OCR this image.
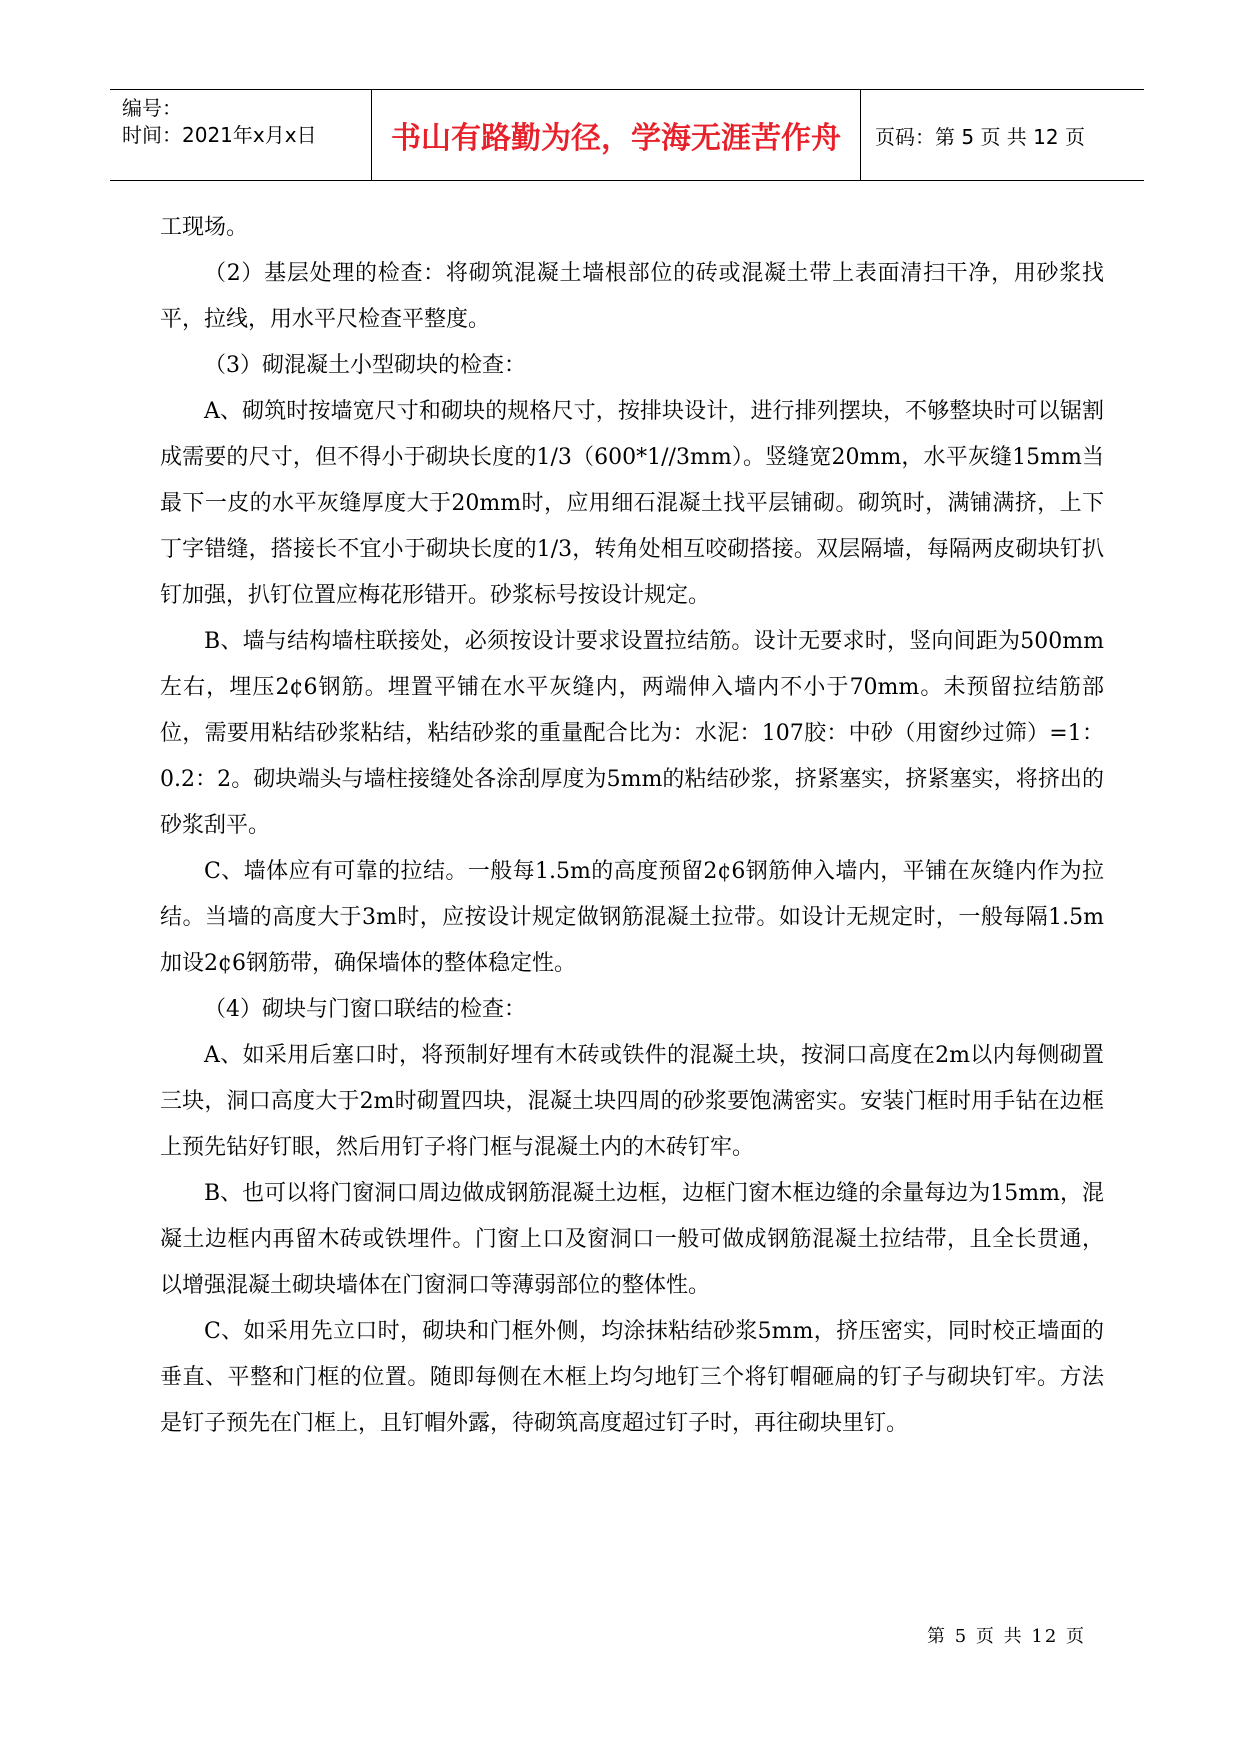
编号：
时间：2021年x月x日	书山有路勤为径，学海无涯苦作舟	页码：第 5 页 共 12 页

工现场。

（2）基层处理的检查：将砌筑混凝土墙根部位的砖或混凝土带上表面清扫干净，用砂浆找平，拉线，用水平尺检查平整度。

（3）砌混凝土小型砌块的检查：

A、砌筑时按墙宽尺寸和砌块的规格尺寸，按排块设计，进行排列摆块，不够整块时可以锯割成需要的尺寸，但不得小于砌块长度的1/3（600*1//3mm）。竖缝宽20mm，水平灰缝15mm当最下一皮的水平灰缝厚度大于20mm时，应用细石混凝土找平层铺砌。砌筑时，满铺满挤，上下丁字错缝，搭接长不宜小于砌块长度的1/3，转角处相互咬砌搭接。双层隔墙，每隔两皮砌块钉扒钉加强，扒钉位置应梅花形错开。砂浆标号按设计规定。

B、墙与结构墙柱联接处，必须按设计要求设置拉结筋。设计无要求时，竖向间距为500mm左右，埋压2¢6钢筋。埋置平铺在水平灰缝内，两端伸入墙内不小于70mm。未预留拉结筋部位，需要用粘结砂浆粘结，粘结砂浆的重量配合比为：水泥：107胶：中砂（用窗纱过筛）=1：0.2：2。砌块端头与墙柱接缝处各涂刮厚度为5mm的粘结砂浆，挤紧塞实，挤紧塞实，将挤出的砂浆刮平。

C、墙体应有可靠的拉结。一般每1.5m的高度预留2¢6钢筋伸入墙内，平铺在灰缝内作为拉结。当墙的高度大于3m时，应按设计规定做钢筋混凝土拉带。如设计无规定时，一般每隔1.5m加设2¢6钢筋带，确保墙体的整体稳定性。

（4）砌块与门窗口联结的检查：

A、如采用后塞口时，将预制好埋有木砖或铁件的混凝土块，按洞口高度在2m以内每侧砌置三块，洞口高度大于2m时砌置四块，混凝土块四周的砂浆要饱满密实。安装门框时用手钻在边框上预先钻好钉眼，然后用钉子将门框与混凝土内的木砖钉牢。

B、也可以将门窗洞口周边做成钢筋混凝土边框，边框门窗木框边缝的余量每边为15mm，混凝土边框内再留木砖或铁埋件。门窗上口及窗洞口一般可做成钢筋混凝土拉结带，且全长贯通，以增强混凝土砌块墙体在门窗洞口等薄弱部位的整体性。

C、如采用先立口时，砌块和门框外侧，均涂抹粘结砂浆5mm，挤压密实，同时校正墙面的垂直、平整和门框的位置。随即每侧在木框上均匀地钉三个将钉帽砸扁的钉子与砌块钉牢。方法是钉子预先在门框上，且钉帽外露，待砌筑高度超过钉子时，再往砌块里钉。

第 5 页 共 12 页
